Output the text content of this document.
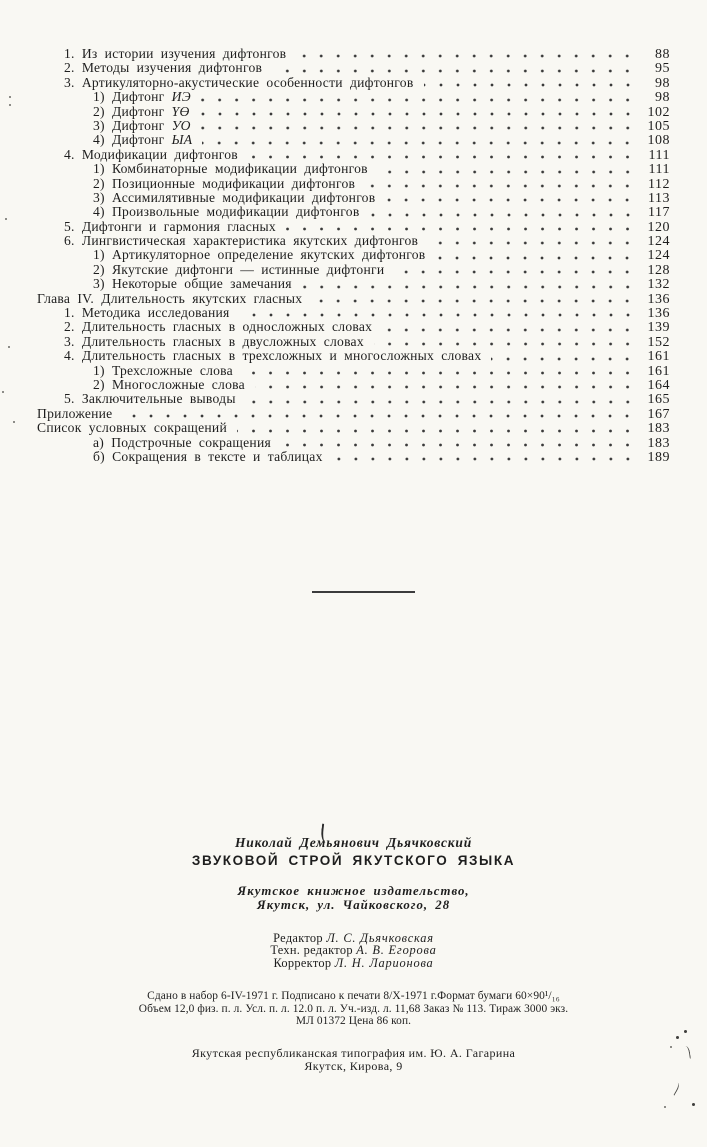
1. Из истории изучения дифтонгов	88
2. Методы изучения дифтонгов	95
3. Артикуляторно-акустические особенности дифтонгов	98
1) Дифтонг ИЭ	98
2) Дифтонг ҮӨ	102
3) Дифтонг УО	105
4) Дифтонг ЫА	108
4. Модификации дифтонгов	111
1) Комбинаторные модификации дифтонгов	111
2) Позиционные модификации дифтонгов	112
3) Ассимилятивные модификации дифтонгов	113
4) Произвольные модификации дифтонгов	117
5. Дифтонги и гармония гласных	120
6. Лингвистическая характеристика якутских дифтонгов	124
1) Артикуляторное определение якутских дифтонгов	124
2) Якутские дифтонги — истинные дифтонги	128
3) Некоторые общие замечания	132
Глава IV. Длительность якутских гласных	136
1. Методика исследования	136
2. Длительность гласных в односложных словах	139
3. Длительность гласных в двусложных словах	152
4. Длительность гласных в трехсложных и многосложных словах	161
1) Трехсложные слова	161
2) Многосложные слова	164
5. Заключительные выводы	165
Приложение	167
Список условных сокращений	183
а) Подстрочные сокращения	183
б) Сокращения в тексте и таблицах	189
Николай Демьянович Дьячковский
ЗВУКОВОЙ СТРОЙ ЯКУТСКОГО ЯЗЫКА
Якутское книжное издательство,
Якутск, ул. Чайковского, 28
Редактор Л. С. Дьячковская
Техн. редактор А. В. Егорова
Корректор Л. Н. Ларионова
Сдано в набор 6-IV-1971 г. Подписано к печати 8/X-1971 г.Формат бумаги 60×90¹/₁₆
Объем 12,0 физ. п. л. Усл. п. л. 12.0 п. л. Уч.-изд. л. 11,68 Заказ № 113. Тираж 3000 экз.
МЛ 01372 Цена 86 коп.
Якутская республиканская типография им. Ю. А. Гагарина
Якутск, Кирова, 9
